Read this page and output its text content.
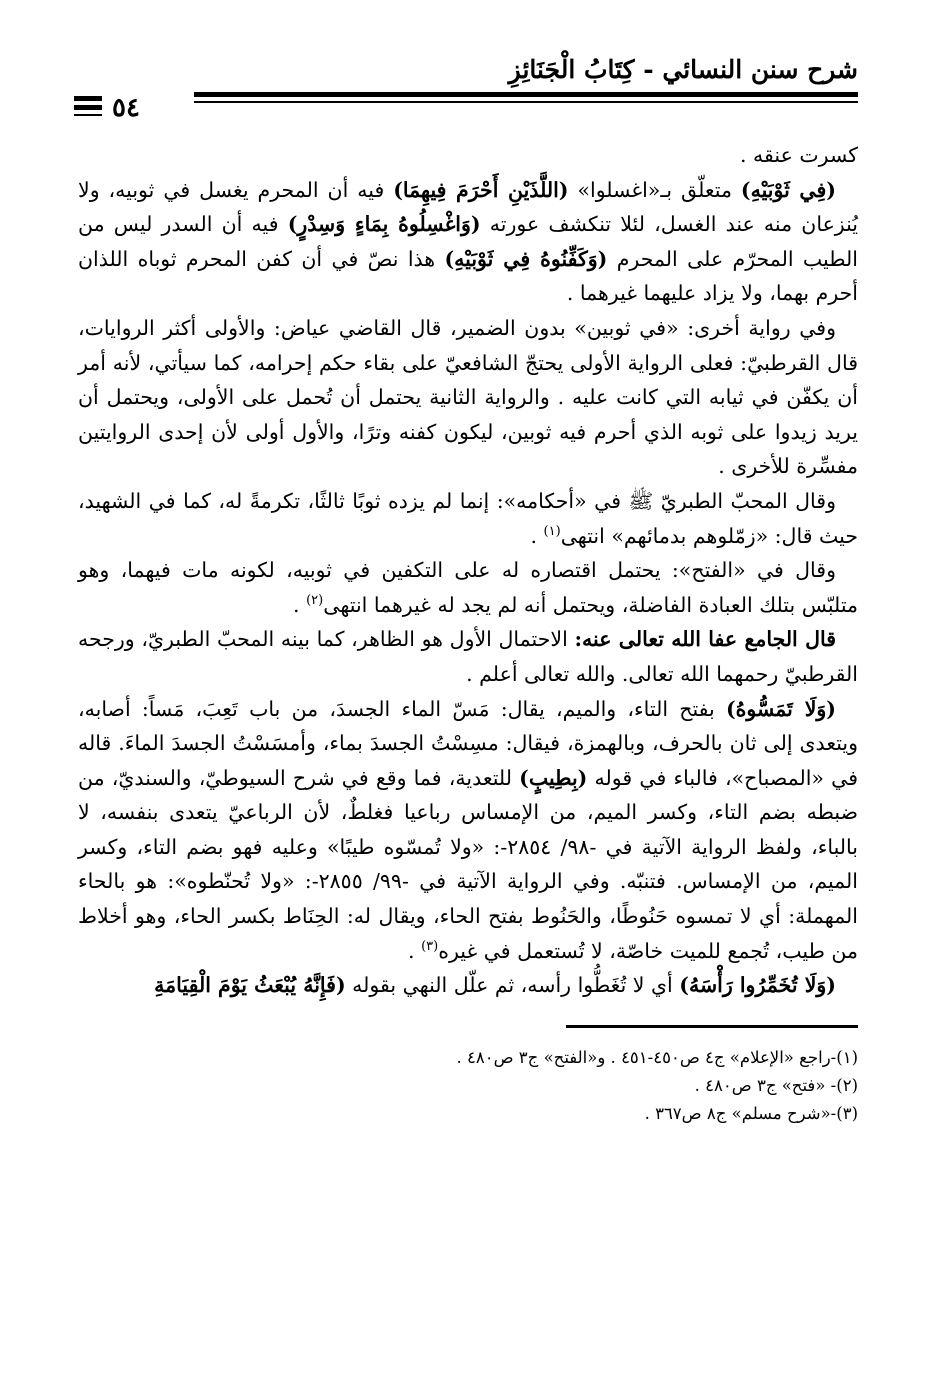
شرح سنن النسائي - كِتَابُ الْجَنَائِزِ
٥٤

كسرت عنقه .

(فِي ثَوْبَيْهِ) متعلّق بـ«اغسلوا» (اللَّذَيْنِ أَحْرَمَ فِيهِمَا) فيه أن المحرم يغسل في ثوبيه، ولا يُنزعان منه عند الغسل، لئلا تنكشف عورته (وَاغْسِلُوهُ بِمَاءٍ وَسِدْرٍ) فيه أن السدر ليس من الطيب المحرّم على المحرم (وَكَفِّنُوهُ فِي ثَوْبَيْهِ) هذا نصّ في أن كفن المحرم ثوباه اللذان أحرم بهما، ولا يزاد عليهما غيرهما .

وفي رواية أخرى: «في ثوبين» بدون الضمير، قال القاضي عياض: والأولى أكثر الروايات، قال القرطبيّ: فعلى الرواية الأولى يحتجّ الشافعيّ على بقاء حكم إحرامه، كما سيأتي، لأنه أمر أن يكفّن في ثيابه التي كانت عليه . والرواية الثانية يحتمل أن تُحمل على الأولى، ويحتمل أن يريد زيدوا على ثوبه الذي أحرم فيه ثوبين، ليكون كفنه وترًا، والأول أولى لأن إحدى الروايتين مفسِّرة للأخرى .

وقال المحبّ الطبريّ ﷺ في «أحكامه»: إنما لم يزده ثوبًا ثالثًا، تكرمةً له، كما في الشهيد، حيث قال: «زمّلوهم بدمائهم» انتهى$^{(١)}$ .

وقال في «الفتح»: يحتمل اقتصاره له على التكفين في ثوبيه، لكونه مات فيهما، وهو متلبّس بتلك العبادة الفاضلة، ويحتمل أنه لم يجد له غيرهما انتهى$^{(٢)}$ .

قال الجامع عفا الله تعالى عنه: الاحتمال الأول هو الظاهر، كما بينه المحبّ الطبريّ، ورجحه القرطبيّ رحمهما الله تعالى. والله تعالى أعلم .

(وَلَا تَمَسُّوهُ) بفتح التاء، والميم، يقال: مَسّ الماء الجسدَ، من باب تَعِبَ، مَساً: أصابه، ويتعدى إلى ثان بالحرف، وبالهمزة، فيقال: مسِسْتُ الجسدَ بماء، وأمسَسْتُ الجسدَ الماءَ. قاله في «المصباح»، فالباء في قوله (بِطِيبٍ) للتعدية، فما وقع في شرح السيوطيّ، والسنديّ، من ضبطه بضم التاء، وكسر الميم، من الإمساس رباعيا فغلطٌ، لأن الرباعيّ يتعدى بنفسه، لا بالباء، ولفظ الرواية الآتية في -٩٨/ ٢٨٥٤-: «ولا تُمسّوه طيبًا» وعليه فهو بضم التاء، وكسر الميم، من الإمساس. فتنبّه. وفي الرواية الآتية في -٩٩/ ٢٨٥٥-: «ولا تُحنّطوه»: هو بالحاء المهملة: أي لا تمسوه حَنُوطًا، والحَنُوط بفتح الحاء، ويقال له: الحِنَاط بكسر الحاء، وهو أخلاط من طيب، تُجمع للميت خاصّة، لا تُستعمل في غيره$^{(٣)}$ .

(وَلَا تُخَمِّرُوا رَأْسَهُ) أي لا تُغَطُّوا رأسه، ثم علّل النهي بقوله (فَإِنَّهُ يُبْعَثُ يَوْمَ الْقِيَامَةِ

(١)-راجع «الإعلام» ج٤ ص٤٥٠-٤٥١ . و«الفتح» ج٣ ص٤٨٠ .

(٢)- «فتح» ج٣ ص٤٨٠ .

(٣)-«شرح مسلم» ج٨ ص٣٦٧ .
